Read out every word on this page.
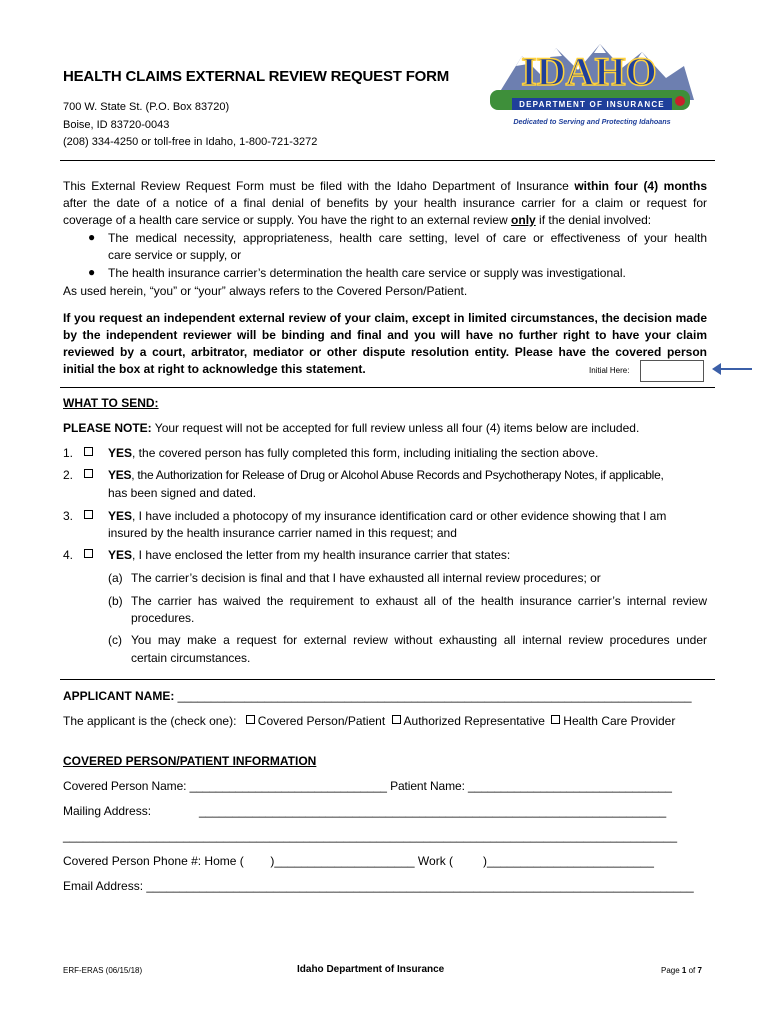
HEALTH CLAIMS EXTERNAL REVIEW REQUEST FORM
700 W. State St. (P.O. Box 83720)
Boise, ID 83720-0043
(208) 334-4250 or toll-free in Idaho, 1-800-721-3272
IDAHO
DEPARTMENT OF INSURANCE
Dedicated to Serving and Protecting Idahoans
This External Review Request Form must be filed with the Idaho Department of Insurance within four (4) months
after the date of a notice of a final denial of benefits by your health insurance carrier for a claim or request for
coverage of a health care service or supply. You have the right to an external review only if the denial involved:
● The medical necessity, appropriateness, health care setting, level of care or effectiveness of your health
care service or supply, or
● The health insurance carrier’s determination the health care service or supply was investigational.
As used herein, “you” or “your” always refers to the Covered Person/Patient.
If you request an independent external review of your claim, except in limited circumstances, the decision made
by the independent reviewer will be binding and final and you will have no further right to have your claim
reviewed by a court, arbitrator, mediator or other dispute resolution entity. Please have the covered person
initial the box at right to acknowledge this statement.	Initial Here:
WHAT TO SEND:
PLEASE NOTE: Your request will not be accepted for full review unless all four (4) items below are included.
1.	YES, the covered person has fully completed this form, including initialing the section above.
2.	YES, the Authorization for Release of Drug or Alcohol Abuse Records and Psychotherapy Notes, if applicable,
has been signed and dated.
3.	YES, I have included a photocopy of my insurance identification card or other evidence showing that I am
insured by the health insurance carrier named in this request; and
4.	YES, I have enclosed the letter from my health insurance carrier that states:
(a) The carrier’s decision is final and that I have exhausted all internal review procedures; or
(b) The carrier has waived the requirement to exhaust all of the health insurance carrier’s internal review
procedures.
(c) You may make a request for external review without exhausting all internal review procedures under
certain circumstances.
APPLICANT NAME: _____________________________________________________________________________
The applicant is the (check one): Covered Person/Patient Authorized Representative Health Care Provider
COVERED PERSON/PATIENT INFORMATION
Covered Person Name: ______________________________ Patient Name: _______________________________
Mailing Address:	______________________________________________________________________
____________________________________________________________________________________________
Covered Person Phone #: Home (        )_____________________ Work (         )_________________________
Email Address: __________________________________________________________________________________
ERF-ERAS (06/15/18)	Idaho Department of Insurance	Page 1 of 7
